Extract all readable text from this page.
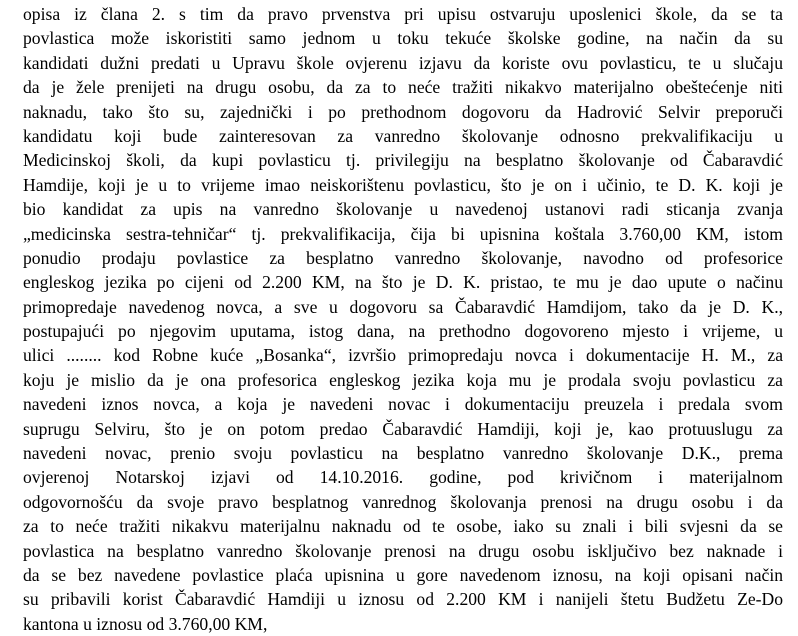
opisa iz člana 2. s tim da pravo prvenstva pri upisu ostvaruju uposlenici škole, da se ta
povlastica može iskoristiti samo jednom u toku tekuće školske godine, na način da su
kandidati dužni predati u Upravu škole ovjerenu izjavu da koriste ovu povlasticu, te u slučaju
da je žele prenijeti na drugu osobu, da za to neće tražiti nikakvo materijalno obeštećenje niti
naknadu, tako što su, zajednički i po prethodnom dogovoru da Hadrović Selvir preporuči
kandidatu koji bude zainteresovan za vanredno školovanje odnosno prekvalifikaciju u
Medicinskoj školi, da kupi povlasticu tj. privilegiju na besplatno školovanje od Čabaravdić
Hamdije, koji je u to vrijeme imao neiskorištenu povlasticu, što je on i učinio, te D. K. koji je
bio kandidat za upis na vanredno školovanje u navedenoj ustanovi radi sticanja zvanja
„medicinska sestra-tehničar“ tj. prekvalifikacija, čija bi upisnina koštala 3.760,00 KM, istom
ponudio prodaju povlastice za besplatno vanredno školovanje, navodno od profesorice
engleskog jezika po cijeni od 2.200 KM, na što je D. K. pristao, te mu je dao upute o načinu
primopredaje navedenog novca, a sve u dogovoru sa Čabaravdić Hamdijom, tako da je D. K.,
postupajući po njegovim uputama, istog dana, na prethodno dogovoreno mjesto i vrijeme, u
ulici ........ kod Robne kuće „Bosanka“, izvršio primopredaju novca i dokumentacije H. M., za
koju je mislio da je ona profesorica engleskog jezika koja mu je prodala svoju povlasticu za
navedeni iznos novca, a koja je navedeni novac i dokumentaciju preuzela i predala svom
suprugu Selviru, što je on potom predao Čabaravdić Hamdiji, koji je, kao protuuslugu za
navedeni novac, prenio svoju povlasticu na besplatno vanredno školovanje D.K., prema
ovjerenoj Notarskoj izjavi od 14.10.2016. godine, pod krivičnom i materijalnom
odgovornošću da svoje pravo besplatnog vanrednog školovanja prenosi na drugu osobu i da
za to neće tražiti nikakvu materijalnu naknadu od te osobe, iako su znali i bili svjesni da se
povlastica na besplatno vanredno školovanje prenosi na drugu osobu isključivo bez naknade i
da se bez navedene povlastice plaća upisnina u gore navedenom iznosu, na koji opisani način
su pribavili korist Čabaravdić Hamdiji u iznosu od 2.200 KM i nanijeli štetu Budžetu Ze-Do
kantona u iznosu od 3.760,00 KM,
